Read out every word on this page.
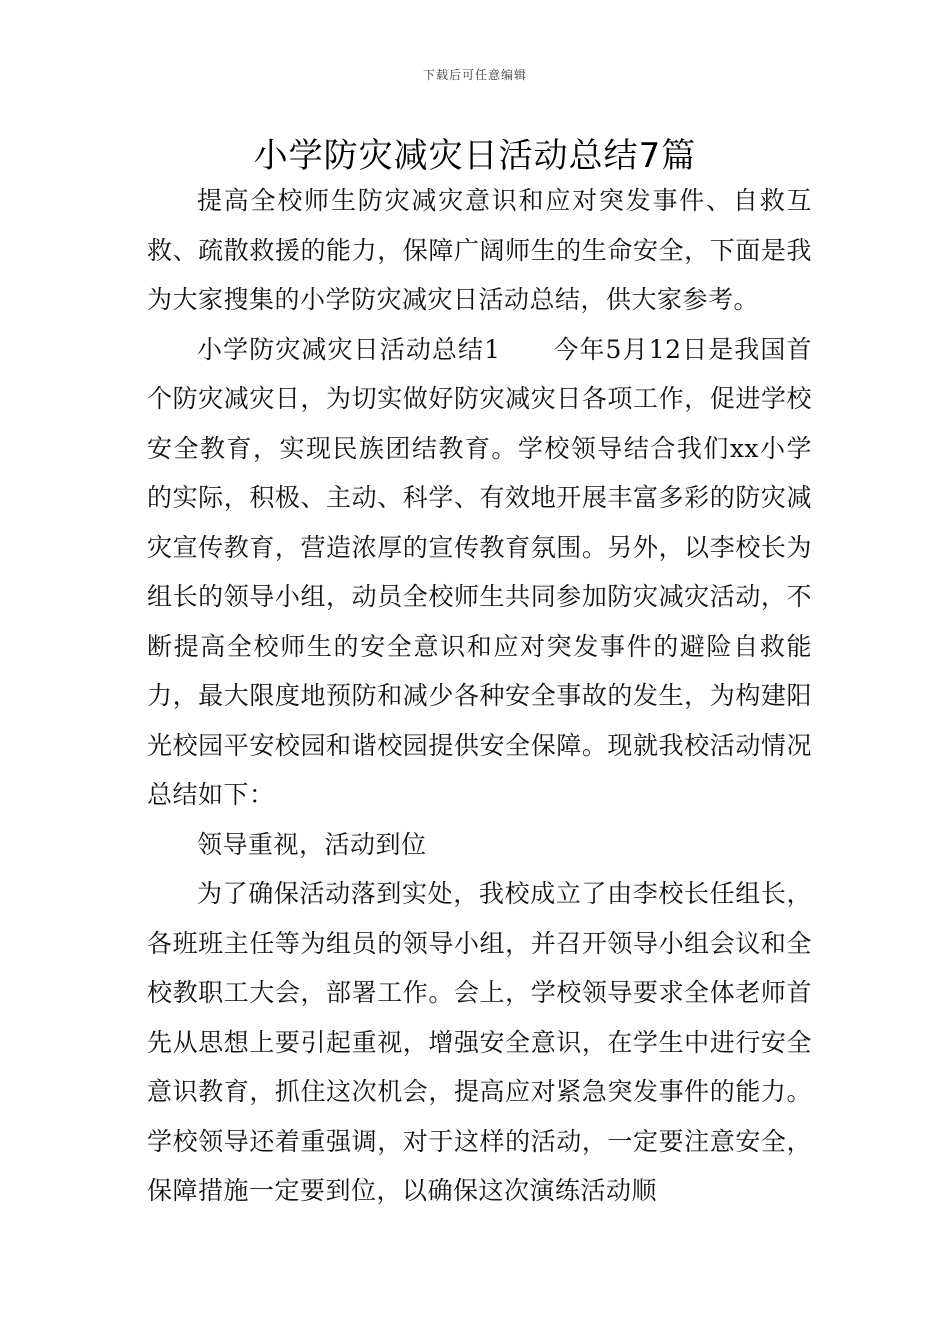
下载后可任意编辑
小学防灾减灾日活动总结7篇

提高全校师生防灾减灾意识和应对突发事件、自救互救、疏散救援的能力，保障广阔师生的生命安全，下面是我为大家搜集的小学防灾减灾日活动总结，供大家参考。

小学防灾减灾日活动总结1　　今年5月12日是我国首个防灾减灾日，为切实做好防灾减灾日各项工作，促进学校安全教育，实现民族团结教育。学校领导结合我们xx小学的实际，积极、主动、科学、有效地开展丰富多彩的防灾减灾宣传教育，营造浓厚的宣传教育氛围。另外，以李校长为组长的领导小组，动员全校师生共同参加防灾减灾活动，不断提高全校师生的安全意识和应对突发事件的避险自救能力，最大限度地预防和减少各种安全事故的发生，为构建阳光校园平安校园和谐校园提供安全保障。现就我校活动情况总结如下：

领导重视，活动到位

为了确保活动落到实处，我校成立了由李校长任组长，各班班主任等为组员的领导小组，并召开领导小组会议和全校教职工大会，部署工作。会上，学校领导要求全体老师首先从思想上要引起重视，增强安全意识，在学生中进行安全意识教育，抓住这次机会，提高应对紧急突发事件的能力。学校领导还着重强调，对于这样的活动，一定要注意安全，保障措施一定要到位，以确保这次演练活动顺
